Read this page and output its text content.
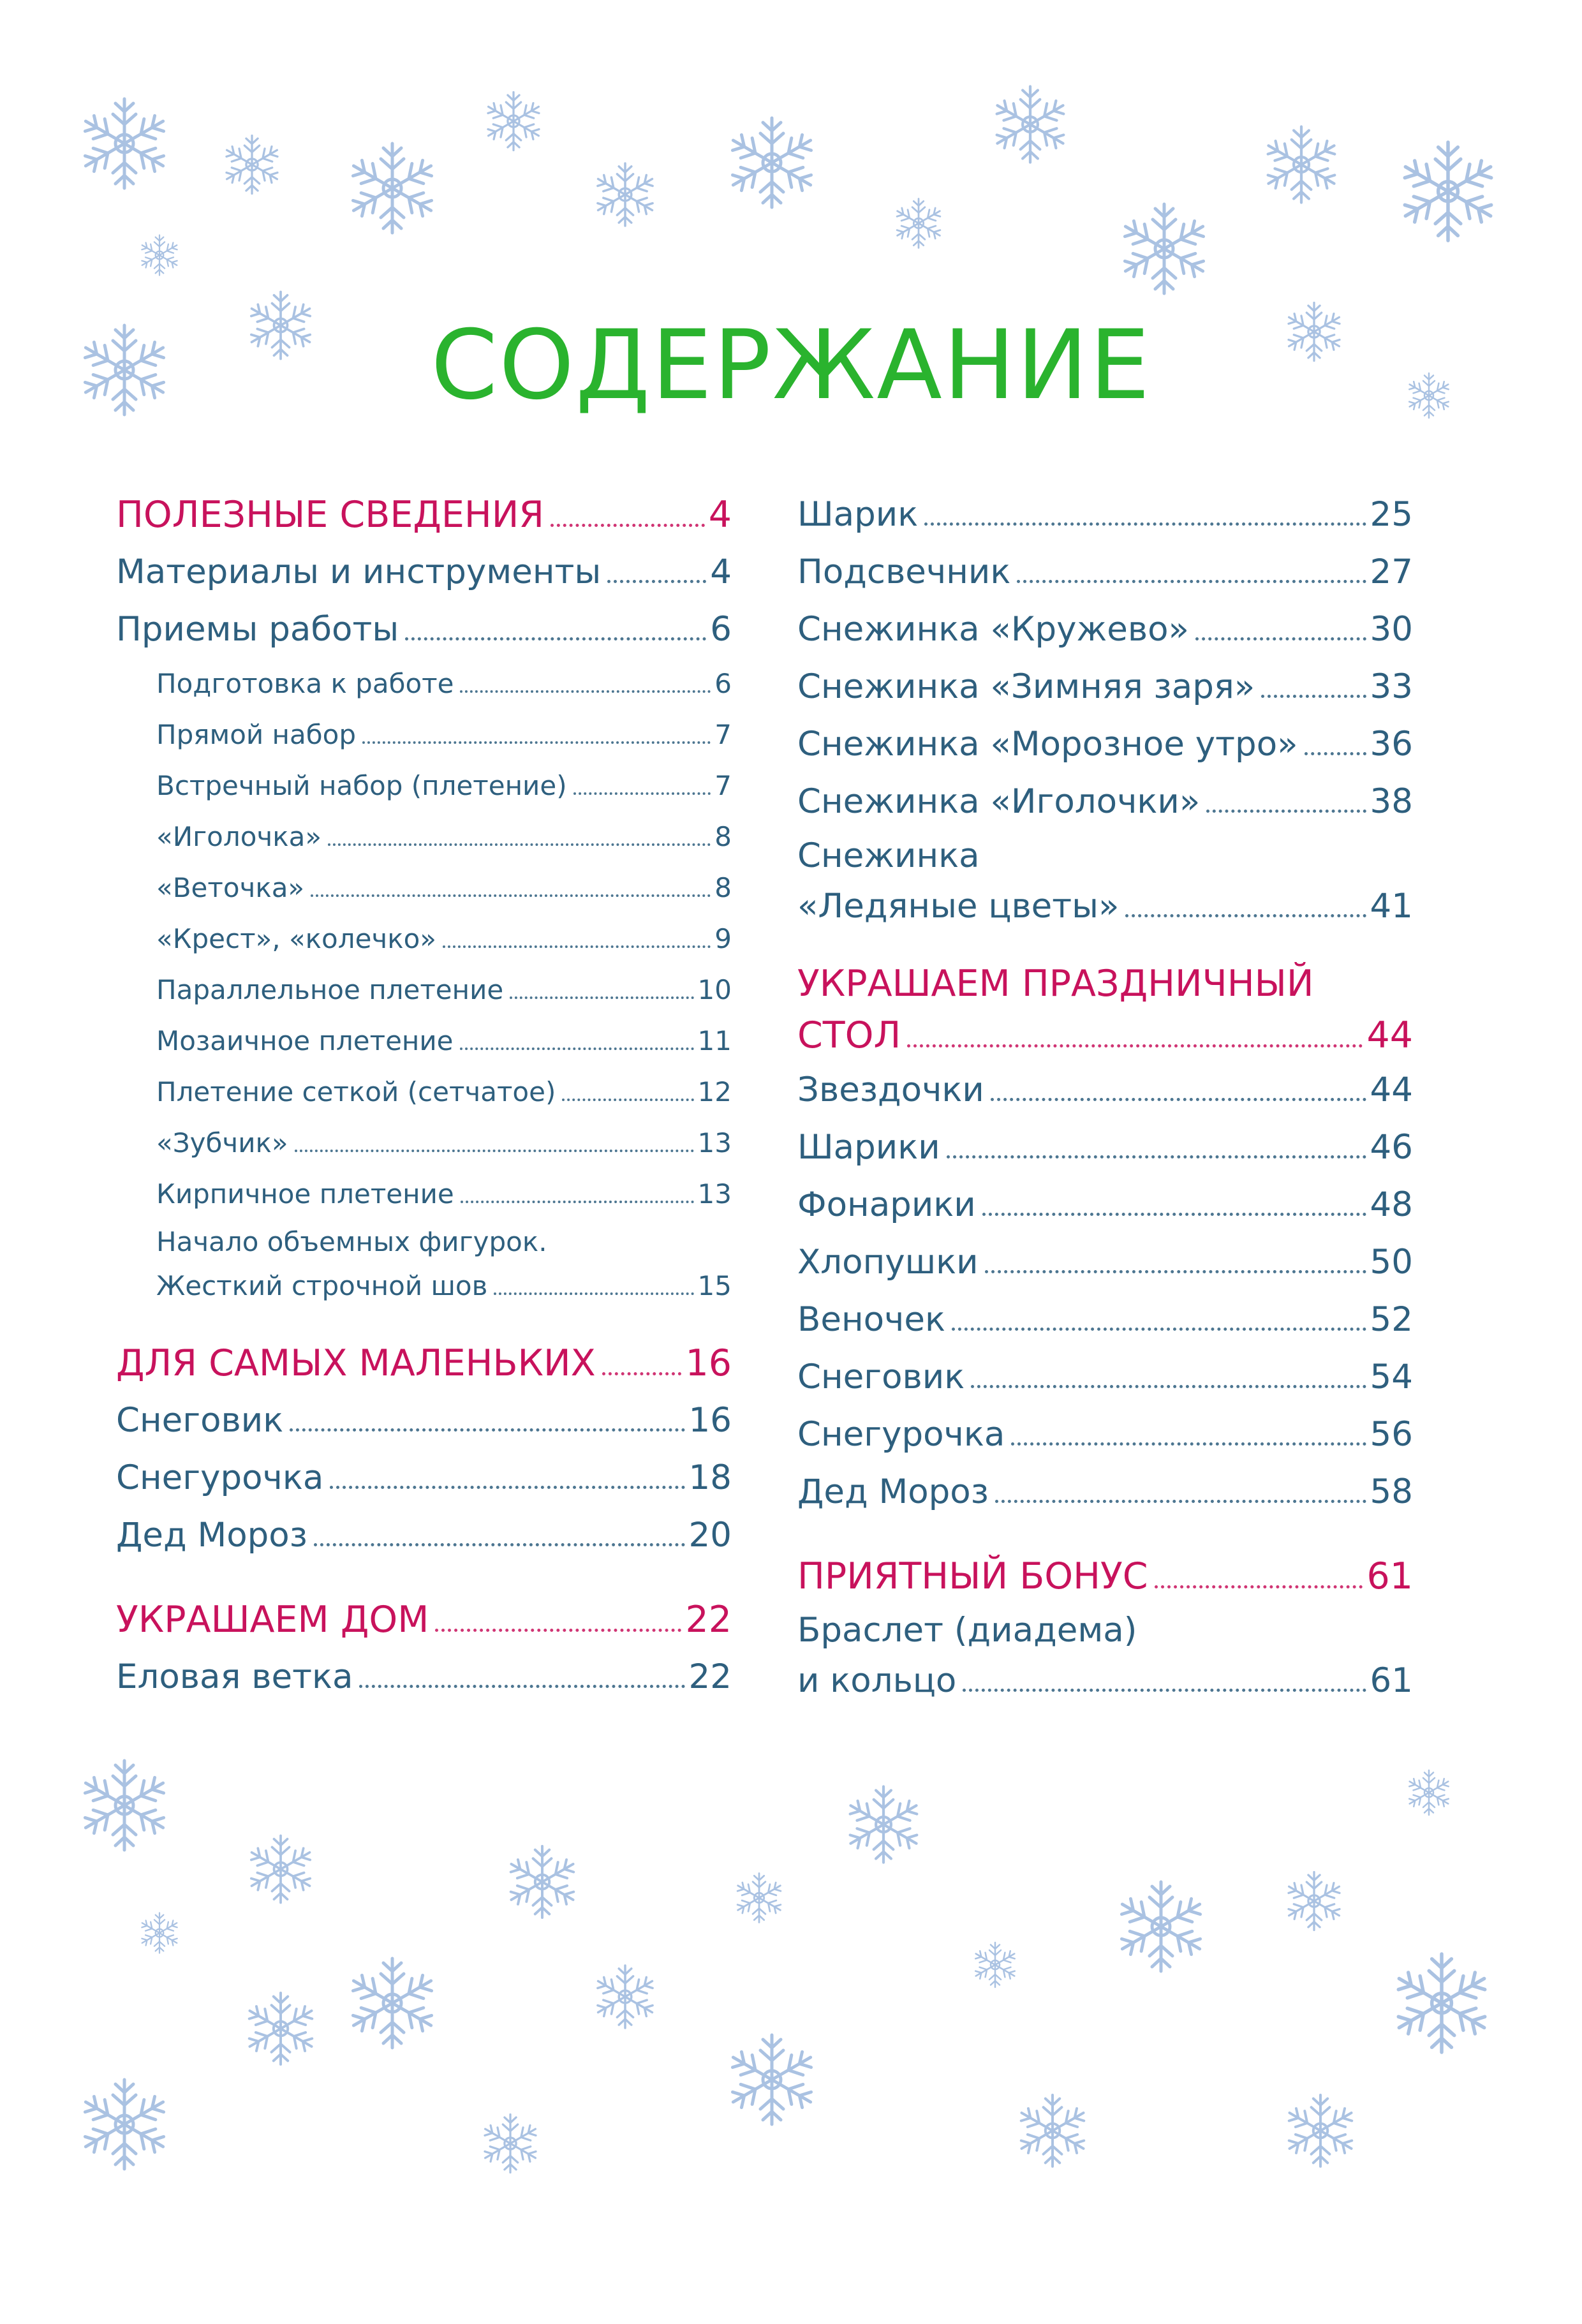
СОДЕРЖАНИЕ
ПОЛЕЗНЫЕ СВЕДЕНИЯ	4
Материалы и инструменты	4
Приемы работы	6
Подготовка к работе	6
Прямой набор	7
Встречный набор (плетение)	7
«Иголочка»	8
«Веточка»	8
«Крест», «колечко»	9
Параллельное плетение	10
Мозаичное плетение	11
Плетение сеткой (сетчатое)	12
«Зубчик»	13
Кирпичное плетение	13
Начало объемных фигурок.
Жесткий строчной шов	15
ДЛЯ САМЫХ МАЛЕНЬКИХ 16
Снеговик	16
Снегурочка	18
Дед Мороз	20
УКРАШАЕМ ДОМ	22
Еловая ветка	22
Шарик	25
Подсвечник	27
Снежинка «Кружево»	30
Снежинка «Зимняя заря»	33
Снежинка «Морозное утро» 36
Снежинка «Иголочки»	38
Снежинка
«Ледяные цветы»	41
УКРАШАЕМ ПРАЗДНИЧНЫЙ
СТОЛ	44
Звездочки	44
Шарики	46
Фонарики	48
Хлопушки	50
Веночек	52
Снеговик	54
Снегурочка	56
Дед Мороз	58
ПРИЯТНЫЙ БОНУС	61
Браслет (диадема)
и кольцо	61
